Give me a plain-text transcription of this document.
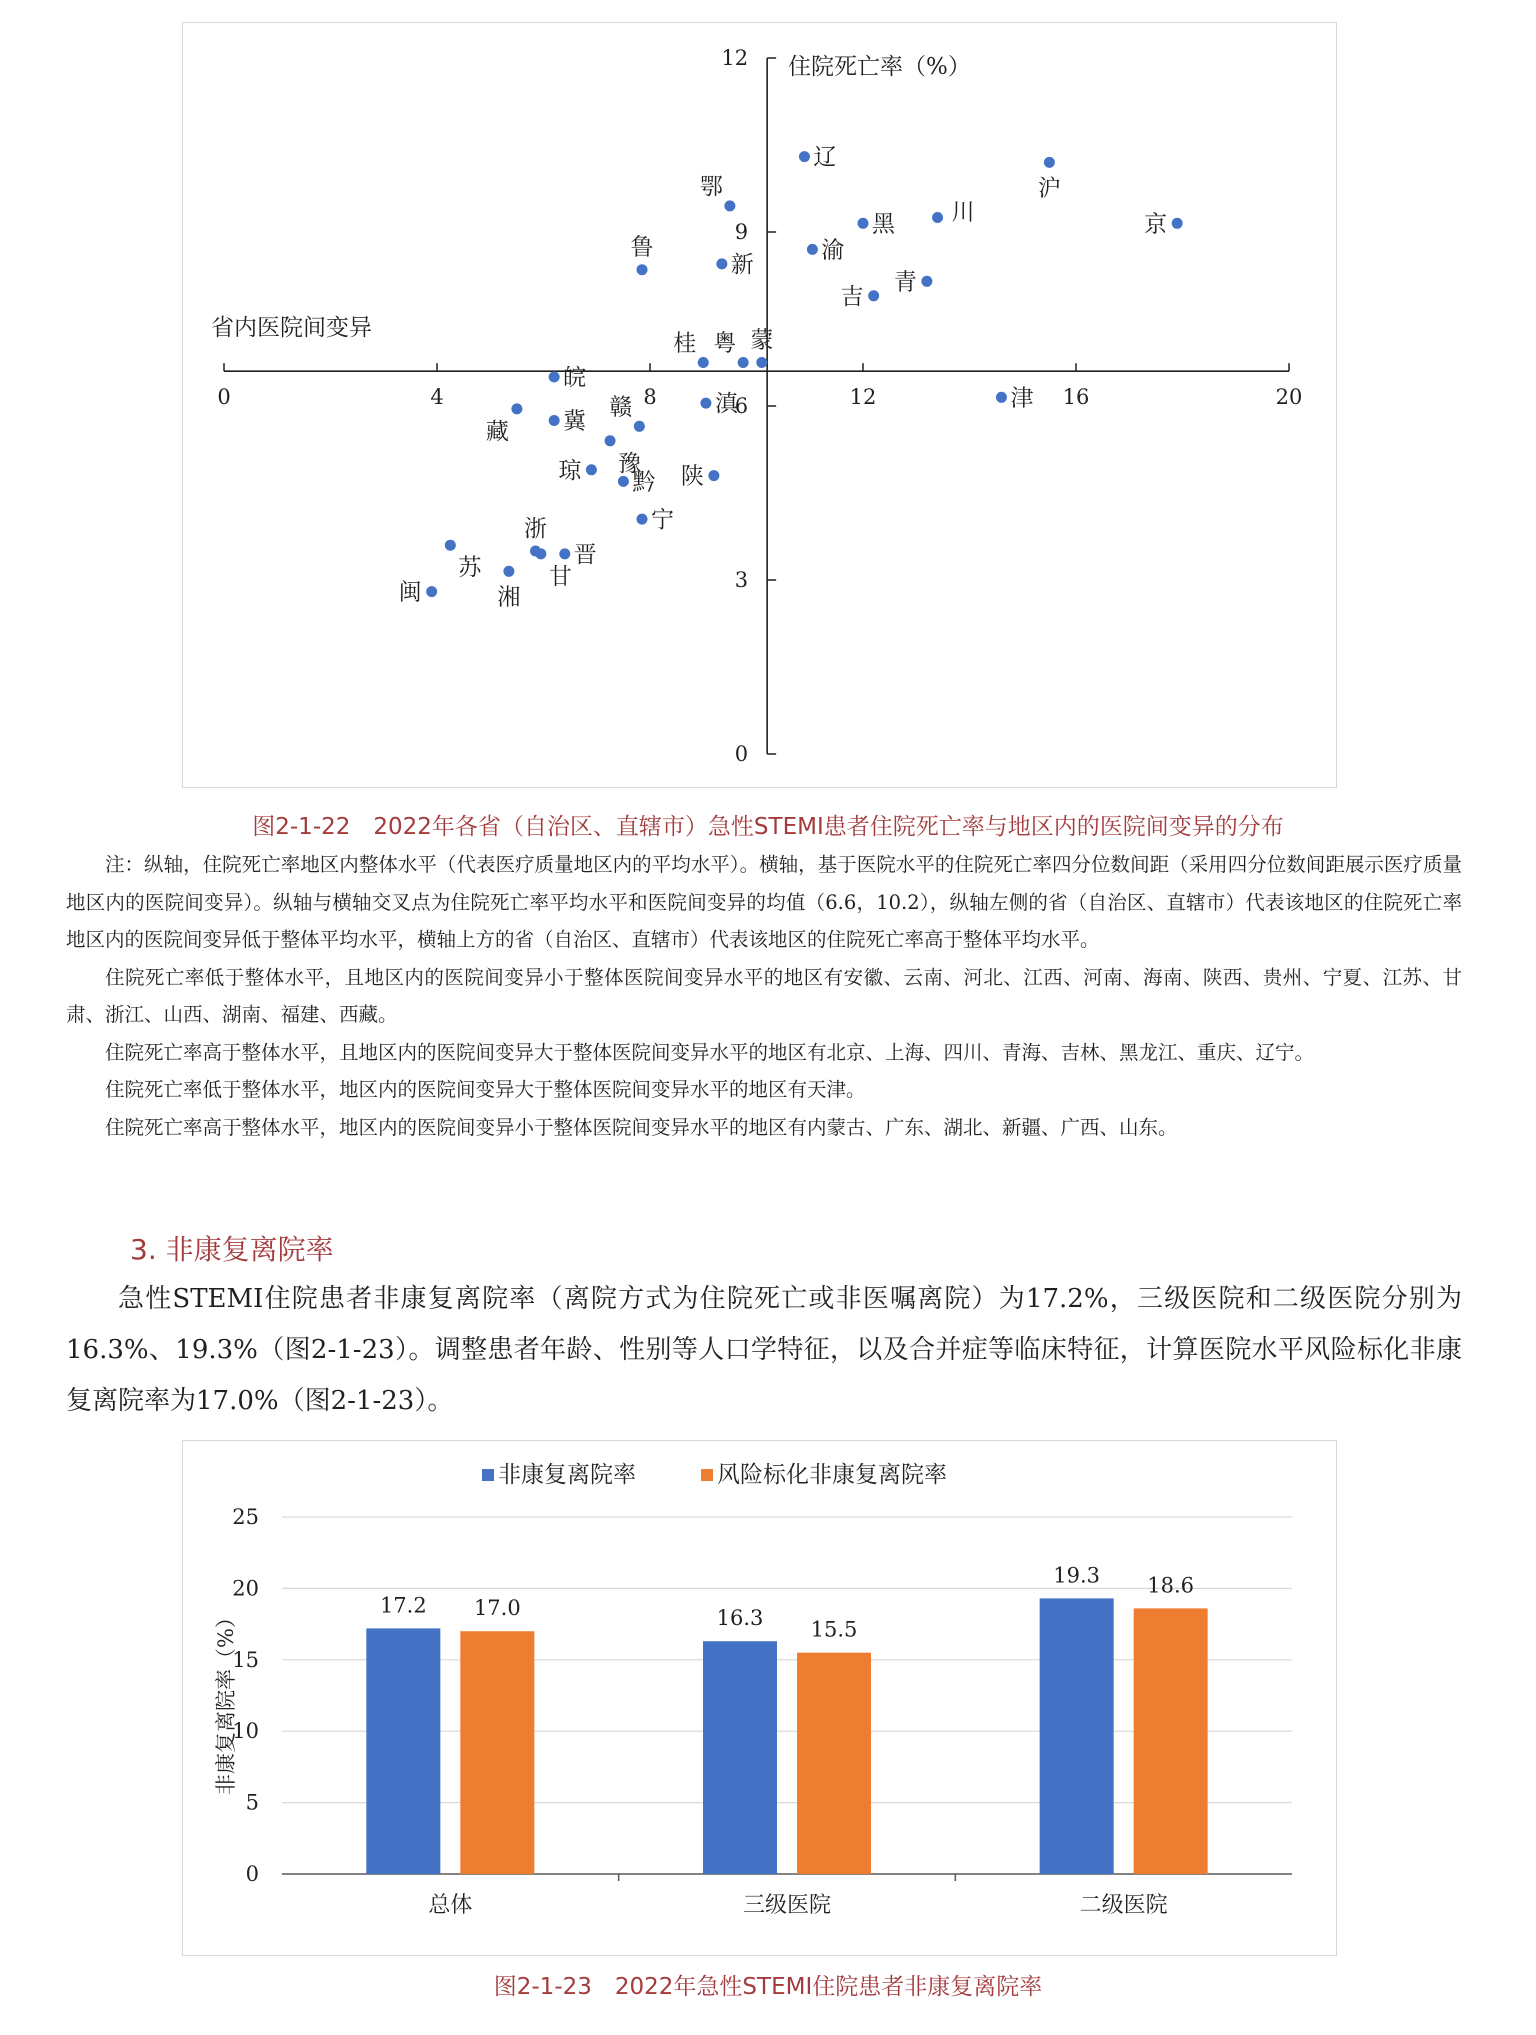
0	4	8	12	16	20
0
3
6
9
12
辽
鄂	沪
川
黑	京
鲁	渝
新
青
吉
桂 粤 蒙
皖
滇	津
藏 冀
赣
豫
琼 黔 陕
宁
浙
晋
苏	甘
湘
闽
省内医院间变异
住院死亡率（%）
图2-1-22　2022年各省（自治区、直辖市）急性STEMI患者住院死亡率与地区内的医院间变异的分布

注：纵轴，住院死亡率地区内整体水平（代表医疗质量地区内的平均水平）。横轴，基于医院水平的住院死亡率四分位数间距（采用四分位数间距展示医疗质量地区内的医院间变异）。纵轴与横轴交叉点为住院死亡率平均水平和医院间变异的均值（6.6，10.2），纵轴左侧的省（自治区、直辖市）代表该地区的住院死亡率地区内的医院间变异低于整体平均水平，横轴上方的省（自治区、直辖市）代表该地区的住院死亡率高于整体平均水平。

住院死亡率低于整体水平，且地区内的医院间变异小于整体医院间变异水平的地区有安徽、云南、河北、江西、河南、海南、陕西、贵州、宁夏、江苏、甘肃、浙江、山西、湖南、福建、西藏。

住院死亡率高于整体水平，且地区内的医院间变异大于整体医院间变异水平的地区有北京、上海、四川、青海、吉林、黑龙江、重庆、辽宁。

住院死亡率低于整体水平，地区内的医院间变异大于整体医院间变异水平的地区有天津。

住院死亡率高于整体水平，地区内的医院间变异小于整体医院间变异水平的地区有内蒙古、广东、湖北、新疆、广西、山东。

3. 非康复离院率

急性STEMI住院患者非康复离院率（离院方式为住院死亡或非医嘱离院）为17.2%，三级医院和二级医院分别为16.3%、19.3%（图2-1-23）。调整患者年龄、性别等人口学特征，以及合并症等临床特征，计算医院水平风险标化非康复离院率为17.0%（图2-1-23）。

17.2 17.0	16.3 15.5
19.3 18.6
0
5
10
15
20
25
总体	三级医院	二级医院
非康复离院率	风险标化非康复离院率
非康复离院率（%）
图2-1-23　2022年急性STEMI住院患者非康复离院率
